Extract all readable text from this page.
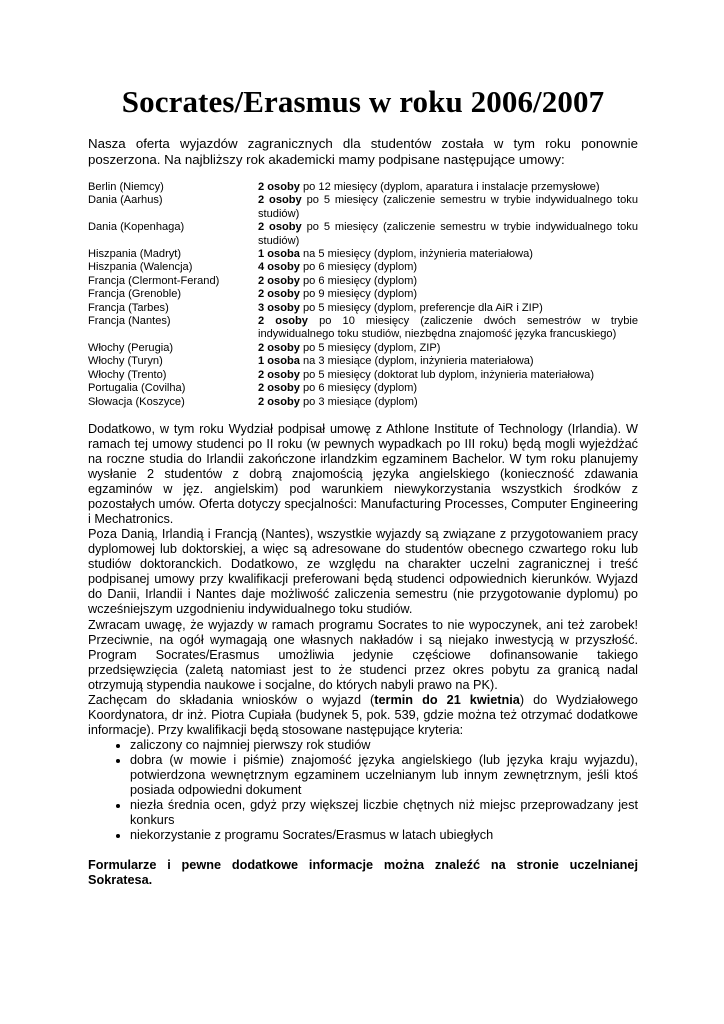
Socrates/Erasmus w roku 2006/2007

Nasza oferta wyjazdów zagranicznych dla studentów została w tym roku ponownie poszerzona. Na najbliższy rok akademicki mamy podpisane następujące umowy:

Berlin (Niemcy)	2 osoby po 12 miesięcy (dyplom, aparatura i instalacje przemysłowe)
Dania (Aarhus)	2 osoby po 5 miesięcy (zaliczenie semestru w trybie indywidualnego toku studiów)
Dania (Kopenhaga)	2 osoby po 5 miesięcy (zaliczenie semestru w trybie indywidualnego toku studiów)
Hiszpania (Madryt)	1 osoba na 5 miesięcy (dyplom, inżynieria materiałowa)
Hiszpania (Walencja)	4 osoby po 6 miesięcy (dyplom)
Francja (Clermont-Ferand)	2 osoby po 6 miesięcy (dyplom)
Francja (Grenoble)	2 osoby po 9 miesięcy (dyplom)
Francja (Tarbes)	3 osoby po 5 miesięcy (dyplom, preferencje dla AiR i ZIP)
Francja (Nantes)	2 osoby po 10 miesięcy (zaliczenie dwóch semestrów w trybie indywidualnego toku studiów, niezbędna znajomość języka francuskiego)
Włochy (Perugia)	2 osoby po 5 miesięcy (dyplom, ZIP)
Włochy (Turyn)	1 osoba na 3 miesiące (dyplom, inżynieria materiałowa)
Włochy (Trento)	2 osoby po 5 miesięcy (doktorat lub dyplom, inżynieria materiałowa)
Portugalia (Covilha)	2 osoby po 6 miesięcy (dyplom)
Słowacja (Koszyce)	2 osoby po 3 miesiące (dyplom)

Dodatkowo, w tym roku Wydział podpisał umowę z Athlone Institute of Technology (Irlandia). W ramach tej umowy studenci po II roku (w pewnych wypadkach po III roku) będą mogli wyjeżdżać na roczne studia do Irlandii zakończone irlandzkim egzaminem Bachelor. W tym roku planujemy wysłanie 2 studentów z dobrą znajomością języka angielskiego (konieczność zdawania egzaminów w jęz. angielskim) pod warunkiem niewykorzystania wszystkich środków z pozostałych umów. Oferta dotyczy specjalności: Manufacturing Processes, Computer Engineering i Mechatronics.

Poza Danią, Irlandią i Francją (Nantes), wszystkie wyjazdy są związane z przygotowaniem pracy dyplomowej lub doktorskiej, a więc są adresowane do studentów obecnego czwartego roku lub studiów doktoranckich. Dodatkowo, ze względu na charakter uczelni zagranicznej i treść podpisanej umowy przy kwalifikacji preferowani będą studenci odpowiednich kierunków. Wyjazd do Danii, Irlandii i Nantes daje możliwość zaliczenia semestru (nie przygotowanie dyplomu) po wcześniejszym uzgodnieniu indywidualnego toku studiów.

Zwracam uwagę, że wyjazdy w ramach programu Socrates to nie wypoczynek, ani też zarobek! Przeciwnie, na ogół wymagają one własnych nakładów i są niejako inwestycją w przyszłość. Program Socrates/Erasmus umożliwia jedynie częściowe dofinansowanie takiego przedsięwzięcia (zaletą natomiast jest to że studenci przez okres pobytu za granicą nadal otrzymują stypendia naukowe i socjalne, do których nabyli prawo na PK).

Zachęcam do składania wniosków o wyjazd (termin do 21 kwietnia) do Wydziałowego Koordynatora, dr inż. Piotra Cupiała (budynek 5, pok. 539, gdzie można też otrzymać dodatkowe informacje). Przy kwalifikacji będą stosowane następujące kryteria:

• zaliczony co najmniej pierwszy rok studiów
• dobra (w mowie i piśmie) znajomość języka angielskiego (lub języka kraju wyjazdu), potwierdzona wewnętrznym egzaminem uczelnianym lub innym zewnętrznym, jeśli ktoś posiada odpowiedni dokument
• niezła średnia ocen, gdyż przy większej liczbie chętnych niż miejsc przeprowadzany jest konkurs
• niekorzystanie z programu Socrates/Erasmus w latach ubiegłych

Formularze i pewne dodatkowe informacje można znaleźć na stronie uczelnianej Sokratesa.
